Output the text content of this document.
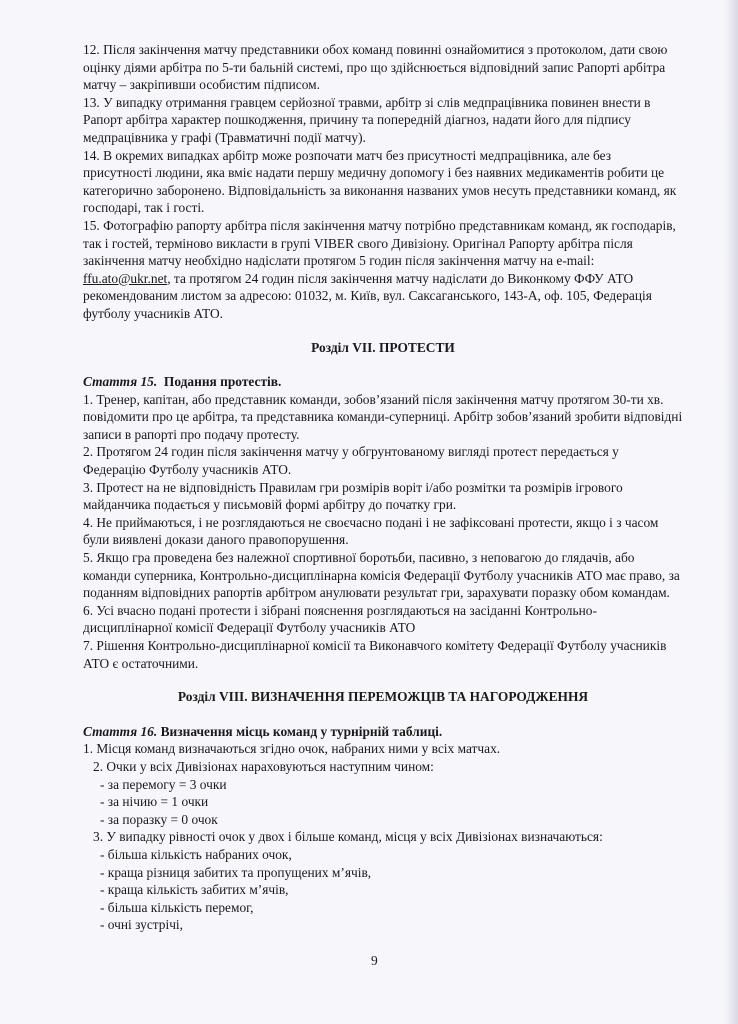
12. Після закінчення матчу представники обох команд повинні ознайомитися з протоколом, дати свою оцінку діями арбітра по 5-ти бальній системі, про що здійснюється відповідний запис Рапорті арбітра матчу – закріпивши особистим підписом.

13. У випадку отримання гравцем серйозної травми, арбітр зі слів медпрацівника повинен внести в Рапорт арбітра характер пошкодження, причину та попередній діагноз, надати його для підпису медпрацівника у графі (Травматичні події матчу).

14. В окремих випадках арбітр може розпочати матч без присутності медпрацівника, але без присутності людини, яка вміє надати першу медичну допомогу і без наявних медикаментів робити це категорично заборонено. Відповідальність за виконання названих умов несуть представники команд, як господарі, так і гості.

15. Фотографію рапорту арбітра після закінчення матчу потрібно представникам команд, як господарів, так і гостей, терміново викласти в групі VIBER свого Дивізіону. Оригінал Рапорту арбітра після закінчення матчу необхідно надіслати протягом 5 годин після закінчення матчу на e-mail: ffu.ato@ukr.net, та протягом 24 годин після закінчення матчу надіслати до Виконкому ФФУ АТО рекомендованим листом за адресою: 01032, м. Київ, вул. Саксаганського, 143-А, оф. 105, Федерація футболу учасників АТО.

Розділ VII. ПРОТЕСТИ

Стаття 15. Подання протестів.

1. Тренер, капітан, або представник команди, зобов’язаний після закінчення матчу протягом 30-ти хв. повідомити про це арбітра, та представника команди-суперниці. Арбітр зобов’язаний зробити відповідні записи в рапорті про подачу протесту.

2. Протягом 24 годин після закінчення матчу у обгрунтованому вигляді протест передається у Федерацію Футболу учасників АТО.

3. Протест на не відповідність Правилам гри розмірів воріт і/або розмітки та розмірів ігрового майданчика подається у письмовій формі арбітру до початку гри.

4. Не приймаються, і не розглядаються не своєчасно подані і не зафіксовані протести, якщо і з часом були виявлені докази даного правопорушення.

5. Якщо гра проведена без належної спортивної боротьби, пасивно, з неповагою до глядачів, або команди суперника, Контрольно-дисциплінарна комісія Федерації Футболу учасників АТО має право, за поданням відповідних рапортів арбітром анулювати результат гри, зарахувати поразку обом командам.

6. Усі вчасно подані протести і зібрані пояснення розглядаються на засіданні Контрольно-дисциплінарної комісії Федерації Футболу учасників АТО

7. Рішення Контрольно-дисциплінарної комісії та Виконавчого комітету Федерації Футболу учасників АТО є остаточними.

Розділ VIII. ВИЗНАЧЕННЯ ПЕРЕМОЖЦІВ ТА НАГОРОДЖЕННЯ

Стаття 16. Визначення місць команд у турнірній таблиці.

1. Місця команд визначаються згідно очок, набраних ними у всіх матчах.

2. Очки у всіх Дивізіонах нараховуються наступним чином:

- за перемогу = 3 очки

- за нічию = 1 очки

- за поразку = 0 очок

3. У випадку рівності очок у двох і більше команд, місця у всіх Дивізіонах визначаються:

- більша кількість набраних очок,

- краща різниця забитих та пропущених м’ячів,

- краща кількість забитих м’ячів,

- більша кількість перемог,

- очні зустрічі,

9
